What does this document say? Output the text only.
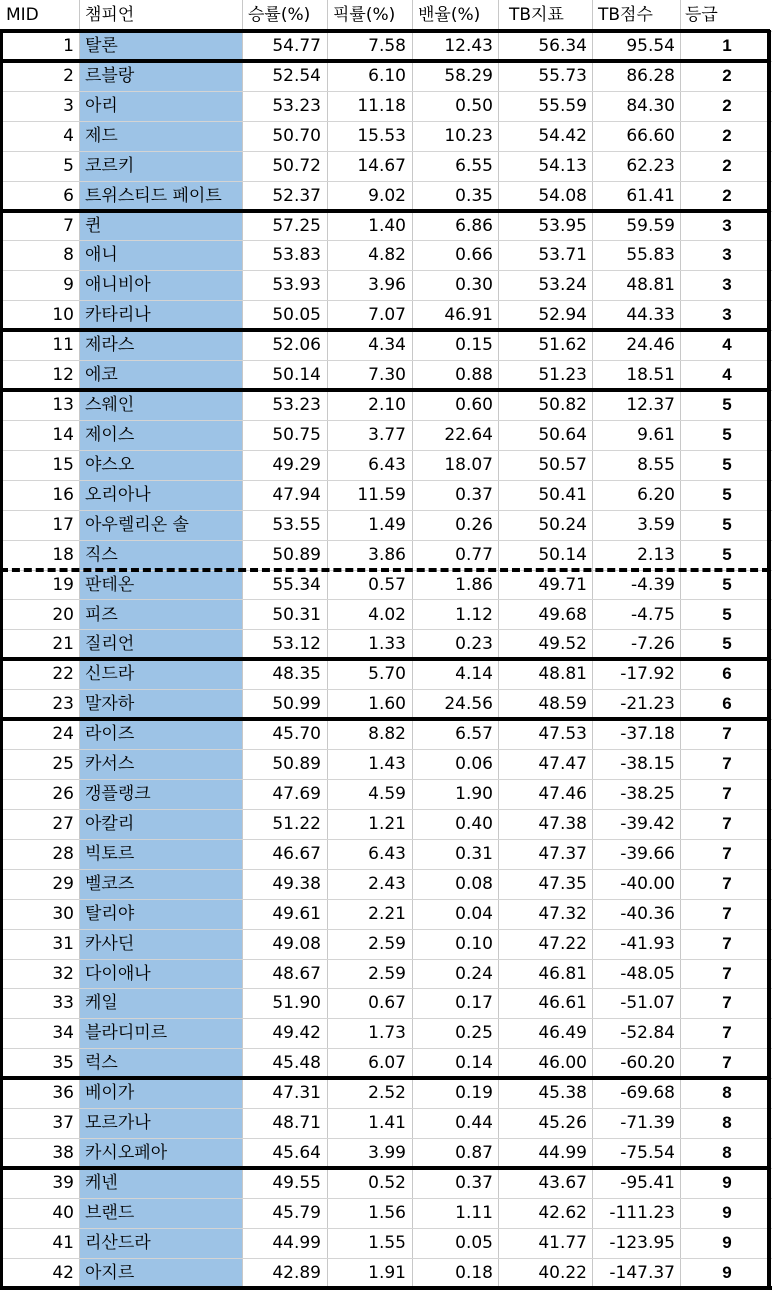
MID	챔피언	승률(%)	픽률(%)	밴율(%)	TB지표	TB점수	등급
1 탈론	54.77	7.58	12.43	56.34	95.54	1
2 르블랑	52.54	6.10	58.29	55.73	86.28	2
3 아리	53.23	11.18	0.50	55.59	84.30	2
4 제드	50.70	15.53	10.23	54.42	66.60	2
5 코르키	50.72	14.67	6.55	54.13	62.23	2
6 트위스티드 페이트	52.37	9.02	0.35	54.08	61.41	2
7 퀸	57.25	1.40	6.86	53.95	59.59	3
8 애니	53.83	4.82	0.66	53.71	55.83	3
9 애니비아	53.93	3.96	0.30	53.24	48.81	3
10 카타리나	50.05	7.07	46.91	52.94	44.33	3
11 제라스	52.06	4.34	0.15	51.62	24.46	4
12 에코	50.14	7.30	0.88	51.23	18.51	4
13 스웨인	53.23	2.10	0.60	50.82	12.37	5
14 제이스	50.75	3.77	22.64	50.64	9.61	5
15 야스오	49.29	6.43	18.07	50.57	8.55	5
16 오리아나	47.94	11.59	0.37	50.41	6.20	5
17 아우렐리온 솔	53.55	1.49	0.26	50.24	3.59	5
18 직스	50.89	3.86	0.77	50.14	2.13	5
19 판테온	55.34	0.57	1.86	49.71	-4.39	5
20 피즈	50.31	4.02	1.12	49.68	-4.75	5
21 질리언	53.12	1.33	0.23	49.52	-7.26	5
22 신드라	48.35	5.70	4.14	48.81	-17.92	6
23 말자하	50.99	1.60	24.56	48.59	-21.23	6
24 라이즈	45.70	8.82	6.57	47.53	-37.18	7
25 카서스	50.89	1.43	0.06	47.47	-38.15	7
26 갱플랭크	47.69	4.59	1.90	47.46	-38.25	7
27 아칼리	51.22	1.21	0.40	47.38	-39.42	7
28 빅토르	46.67	6.43	0.31	47.37	-39.66	7
29 벨코즈	49.38	2.43	0.08	47.35	-40.00	7
30 탈리야	49.61	2.21	0.04	47.32	-40.36	7
31 카사딘	49.08	2.59	0.10	47.22	-41.93	7
32 다이애나	48.67	2.59	0.24	46.81	-48.05	7
33 케일	51.90	0.67	0.17	46.61	-51.07	7
34 블라디미르	49.42	1.73	0.25	46.49	-52.84	7
35 럭스	45.48	6.07	0.14	46.00	-60.20	7
36 베이가	47.31	2.52	0.19	45.38	-69.68	8
37 모르가나	48.71	1.41	0.44	45.26	-71.39	8
38 카시오페아	45.64	3.99	0.87	44.99	-75.54	8
39 케넨	49.55	0.52	0.37	43.67	-95.41	9
40 브랜드	45.79	1.56	1.11	42.62	-111.23	9
41 리산드라	44.99	1.55	0.05	41.77	-123.95	9
42 아지르	42.89	1.91	0.18	40.22	-147.37	9
